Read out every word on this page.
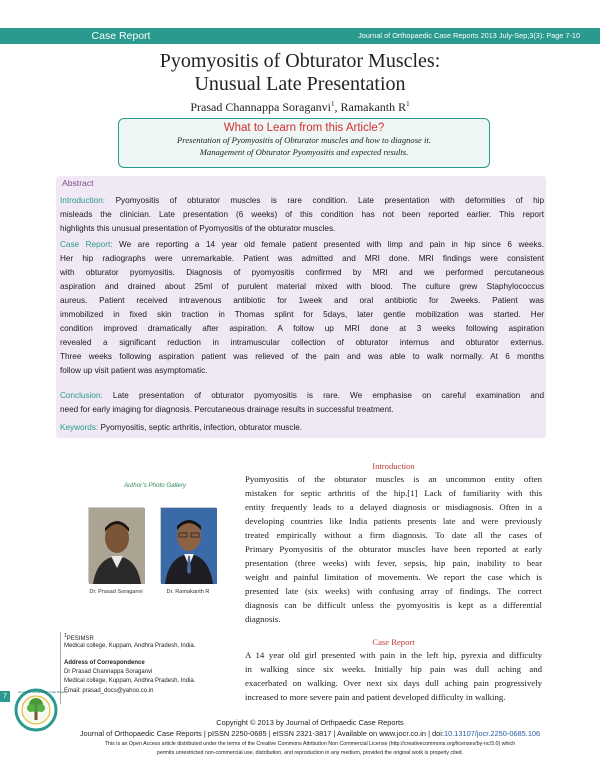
Case Report	Journal of Orthopaedic Case Reports 2013 July-Sep;3(3): Page 7-10
Pyomyositis of Obturator Muscles:
Unusual Late Presentation
Prasad Channappa Soraganvi$^1$, Ramakanth $R^1$
What to Learn from this Article?
Presentation of Pyomyositis of Obturator muscles and how to diagnose it.
Management of Obturator Pyomyositis and expected results.
Abstract
Introduction: Pyomyositis of obturator muscles is rare condition. Late presentation with deformities of hip
misleads the clinician. Late presentation (6 weeks) of this condition has not been reported earlier. This report
highlights this unusual presentation of Pyomyositis of the obturator muscles.
Case Report: We are reporting a 14 year old female patient presented with limp and pain in hip since 6 weeks.
Her hip radiographs were unremarkable. Patient was admitted and MRI done. MRI findings were consistent
with obturator pyomyositis. Diagnosis of pyomyositis confirmed by MRI and we performed percutaneous
aspiration and drained about 25ml of purulent material mixed with blood. The culture grew Staphylococcus
aureus. Patient received intravenous antibiotic for 1week and oral antibiotic for 2weeks. Patient was
immobilized in fixed skin traction in Thomas splint for 5days, later gentle mobilization was started. Her
condition improved dramatically after aspiration. A follow up MRI done at 3 weeks following aspiration
revealed a significant reduction in intramuscular collection of obturator internus and obturator externus.
Three weeks following aspiration patient was relieved of the pain and was able to walk normally. At 6 months
follow up visit patient was asymptomatic.
Conclusion: Late presentation of obturator pyomyositis is rare. We emphasise on careful examination and
need for early imaging for diagnosis. Percutaneous drainage results in successful treatment.
Keywords: Pyomyositis, septic arthritis, infection, obturator muscle.
Introduction
Pyomyositis of the obturator muscles is an uncommon entity often
mistaken for septic arthritis of the hip.[1] Lack of familiarity with this
entity frequently leads to a delayed diagnosis or misdiagnosis. Often in a
developing countries like India patients presents late and were previously
treated empirically without a firm diagnosis. To date all the cases of
Primary Pyomyositis of the obturator muscles have been reported at early
presentation (three weeks) with fever, sepsis, hip pain, inability to bear
weight and painful limitation of movements. We report the case which is
presented late (six weeks) with confusing array of findings. The correct
diagnosis can be difficult unless the pyomyositis is kept as a differential
diagnosis.
Case Report
A 14 year old girl presented with pain in the left hip, pyrexia and difficulty
in walking since six weeks. Initially hip pain was dull aching and
exacerbated on walking. Over next six days dull aching pain progressively
increased to more severe pain and patient developed difficulty in walking.
Author’s Photo Gallery
Dr. Prasad Soraganvi	Dr. Ramakanth R
$^1$PESIMSR
Medical college, Kuppam, Andhra Pradesh, India.
Address of Correspondence
Dr Prasad Channappa Soraganvi
Medical college, Kuppam, Andhra Pradesh, India.
Email: prasad_docs@yahoo.co.in
7
Journal of Orthopaedic Case Reports
Copyright © 2013 by Journal of Orthpaedic Case Reports
Journal of Orthopaedic Case Reports | pISSN 2250-0685 | eISSN 2321-3817 | Available on www.jocr.co.in | doi:10.13107/jocr.2250-0685.106
This is an Open Access article distributed under the terms of the Creative Commons Attribution Non Commercial License (http://creativecommons.org/licenses/by-nc/3.0) which
permits unrestricted non-commercial use, distribution, and reproduction in any medium, provided the original work is properly cited.
